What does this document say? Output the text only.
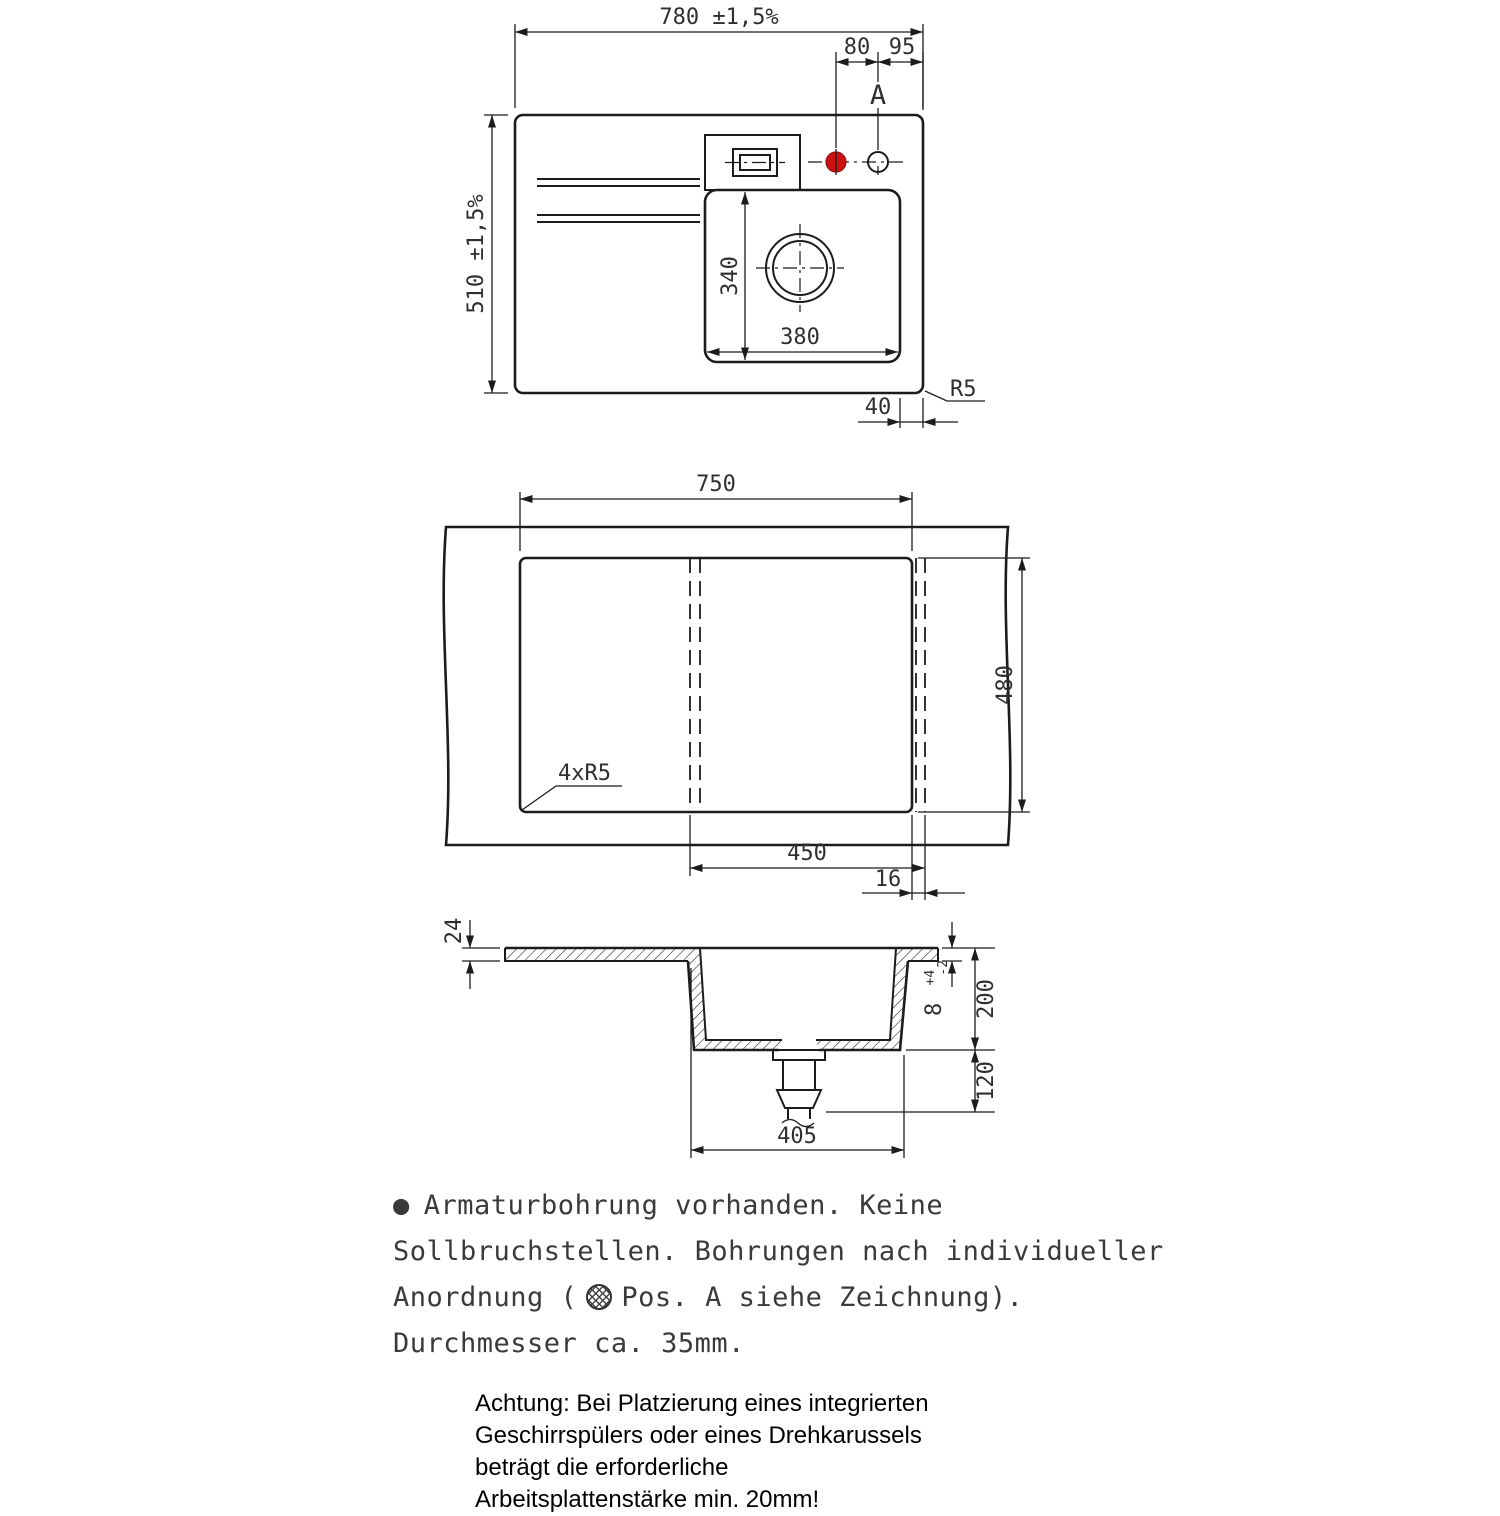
780 ±1,5%
80 95
A
510 ±1,5%	340
380
40
R5
750
480
4xR5
450
16
24
8 $^{+4}$ -2
200
120
405
● Armaturbohrung vorhanden. Keine
Sollbruchstellen. Bohrungen nach individueller
Anordnung ( Pos. A siehe Zeichnung).
Durchmesser ca. 35mm.
Achtung: Bei Platzierung eines integrierten
Geschirrspülers oder eines Drehkarussels
beträgt die erforderliche
Arbeitsplattenstärke min. 20mm!
